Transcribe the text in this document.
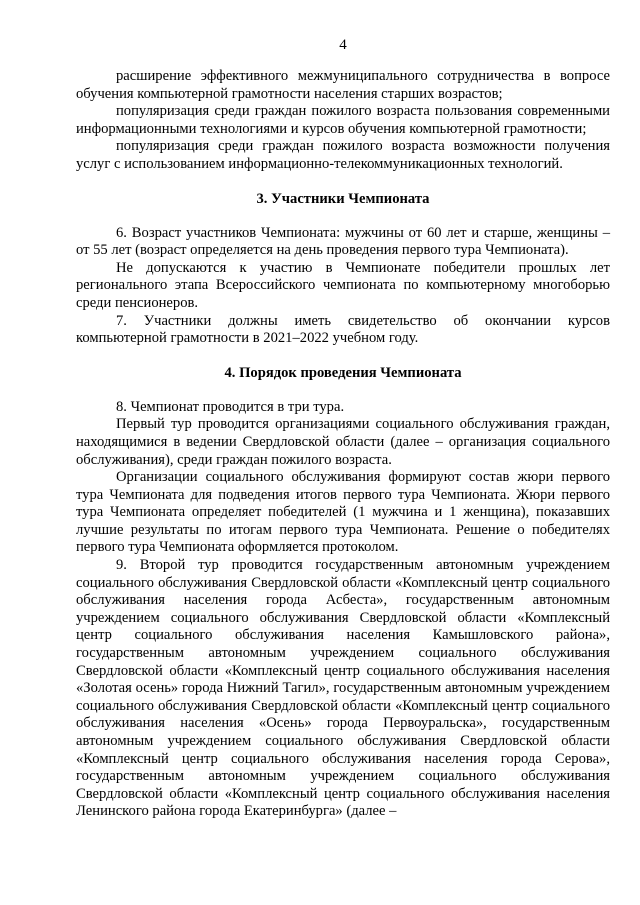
4

расширение эффективного межмуниципального сотрудничества в вопросе обучения компьютерной грамотности населения старших возрастов;

популяризация среди граждан пожилого возраста пользования современными информационными технологиями и курсов обучения компьютерной грамотности;

популяризация среди граждан пожилого возраста возможности получения услуг с использованием информационно-телекоммуникационных технологий.

3. Участники Чемпионата

6. Возраст участников Чемпионата: мужчины от 60 лет и старше, женщины – от 55 лет (возраст определяется на день проведения первого тура Чемпионата).

Не допускаются к участию в Чемпионате победители прошлых лет регионального этапа Всероссийского чемпионата по компьютерному многоборью среди пенсионеров.

7. Участники должны иметь свидетельство об окончании курсов компьютерной грамотности в 2021–2022 учебном году.

4. Порядок проведения Чемпионата

8. Чемпионат проводится в три тура.

Первый тур проводится организациями социального обслуживания граждан, находящимися в ведении Свердловской области (далее – организация социального обслуживания), среди граждан пожилого возраста.

Организации социального обслуживания формируют состав жюри первого тура Чемпионата для подведения итогов первого тура Чемпионата. Жюри первого тура Чемпионата определяет победителей (1 мужчина и 1 женщина), показавших лучшие результаты по итогам первого тура Чемпионата. Решение о победителях первого тура Чемпионата оформляется протоколом.

9. Второй тур проводится государственным автономным учреждением социального обслуживания Свердловской области «Комплексный центр социального обслуживания населения города Асбеста», государственным автономным учреждением социального обслуживания Свердловской области «Комплексный центр социального обслуживания населения Камышловского района», государственным автономным учреждением социального обслуживания Свердловской области «Комплексный центр социального обслуживания населения «Золотая осень» города Нижний Тагил», государственным автономным учреждением социального обслуживания Свердловской области «Комплексный центр социального обслуживания населения «Осень» города Первоуральска», государственным автономным учреждением социального обслуживания Свердловской области «Комплексный центр социального обслуживания населения города Серова», государственным автономным учреждением социального обслуживания Свердловской области «Комплексный центр социального обслуживания населения Ленинского района города Екатеринбурга» (далее –
